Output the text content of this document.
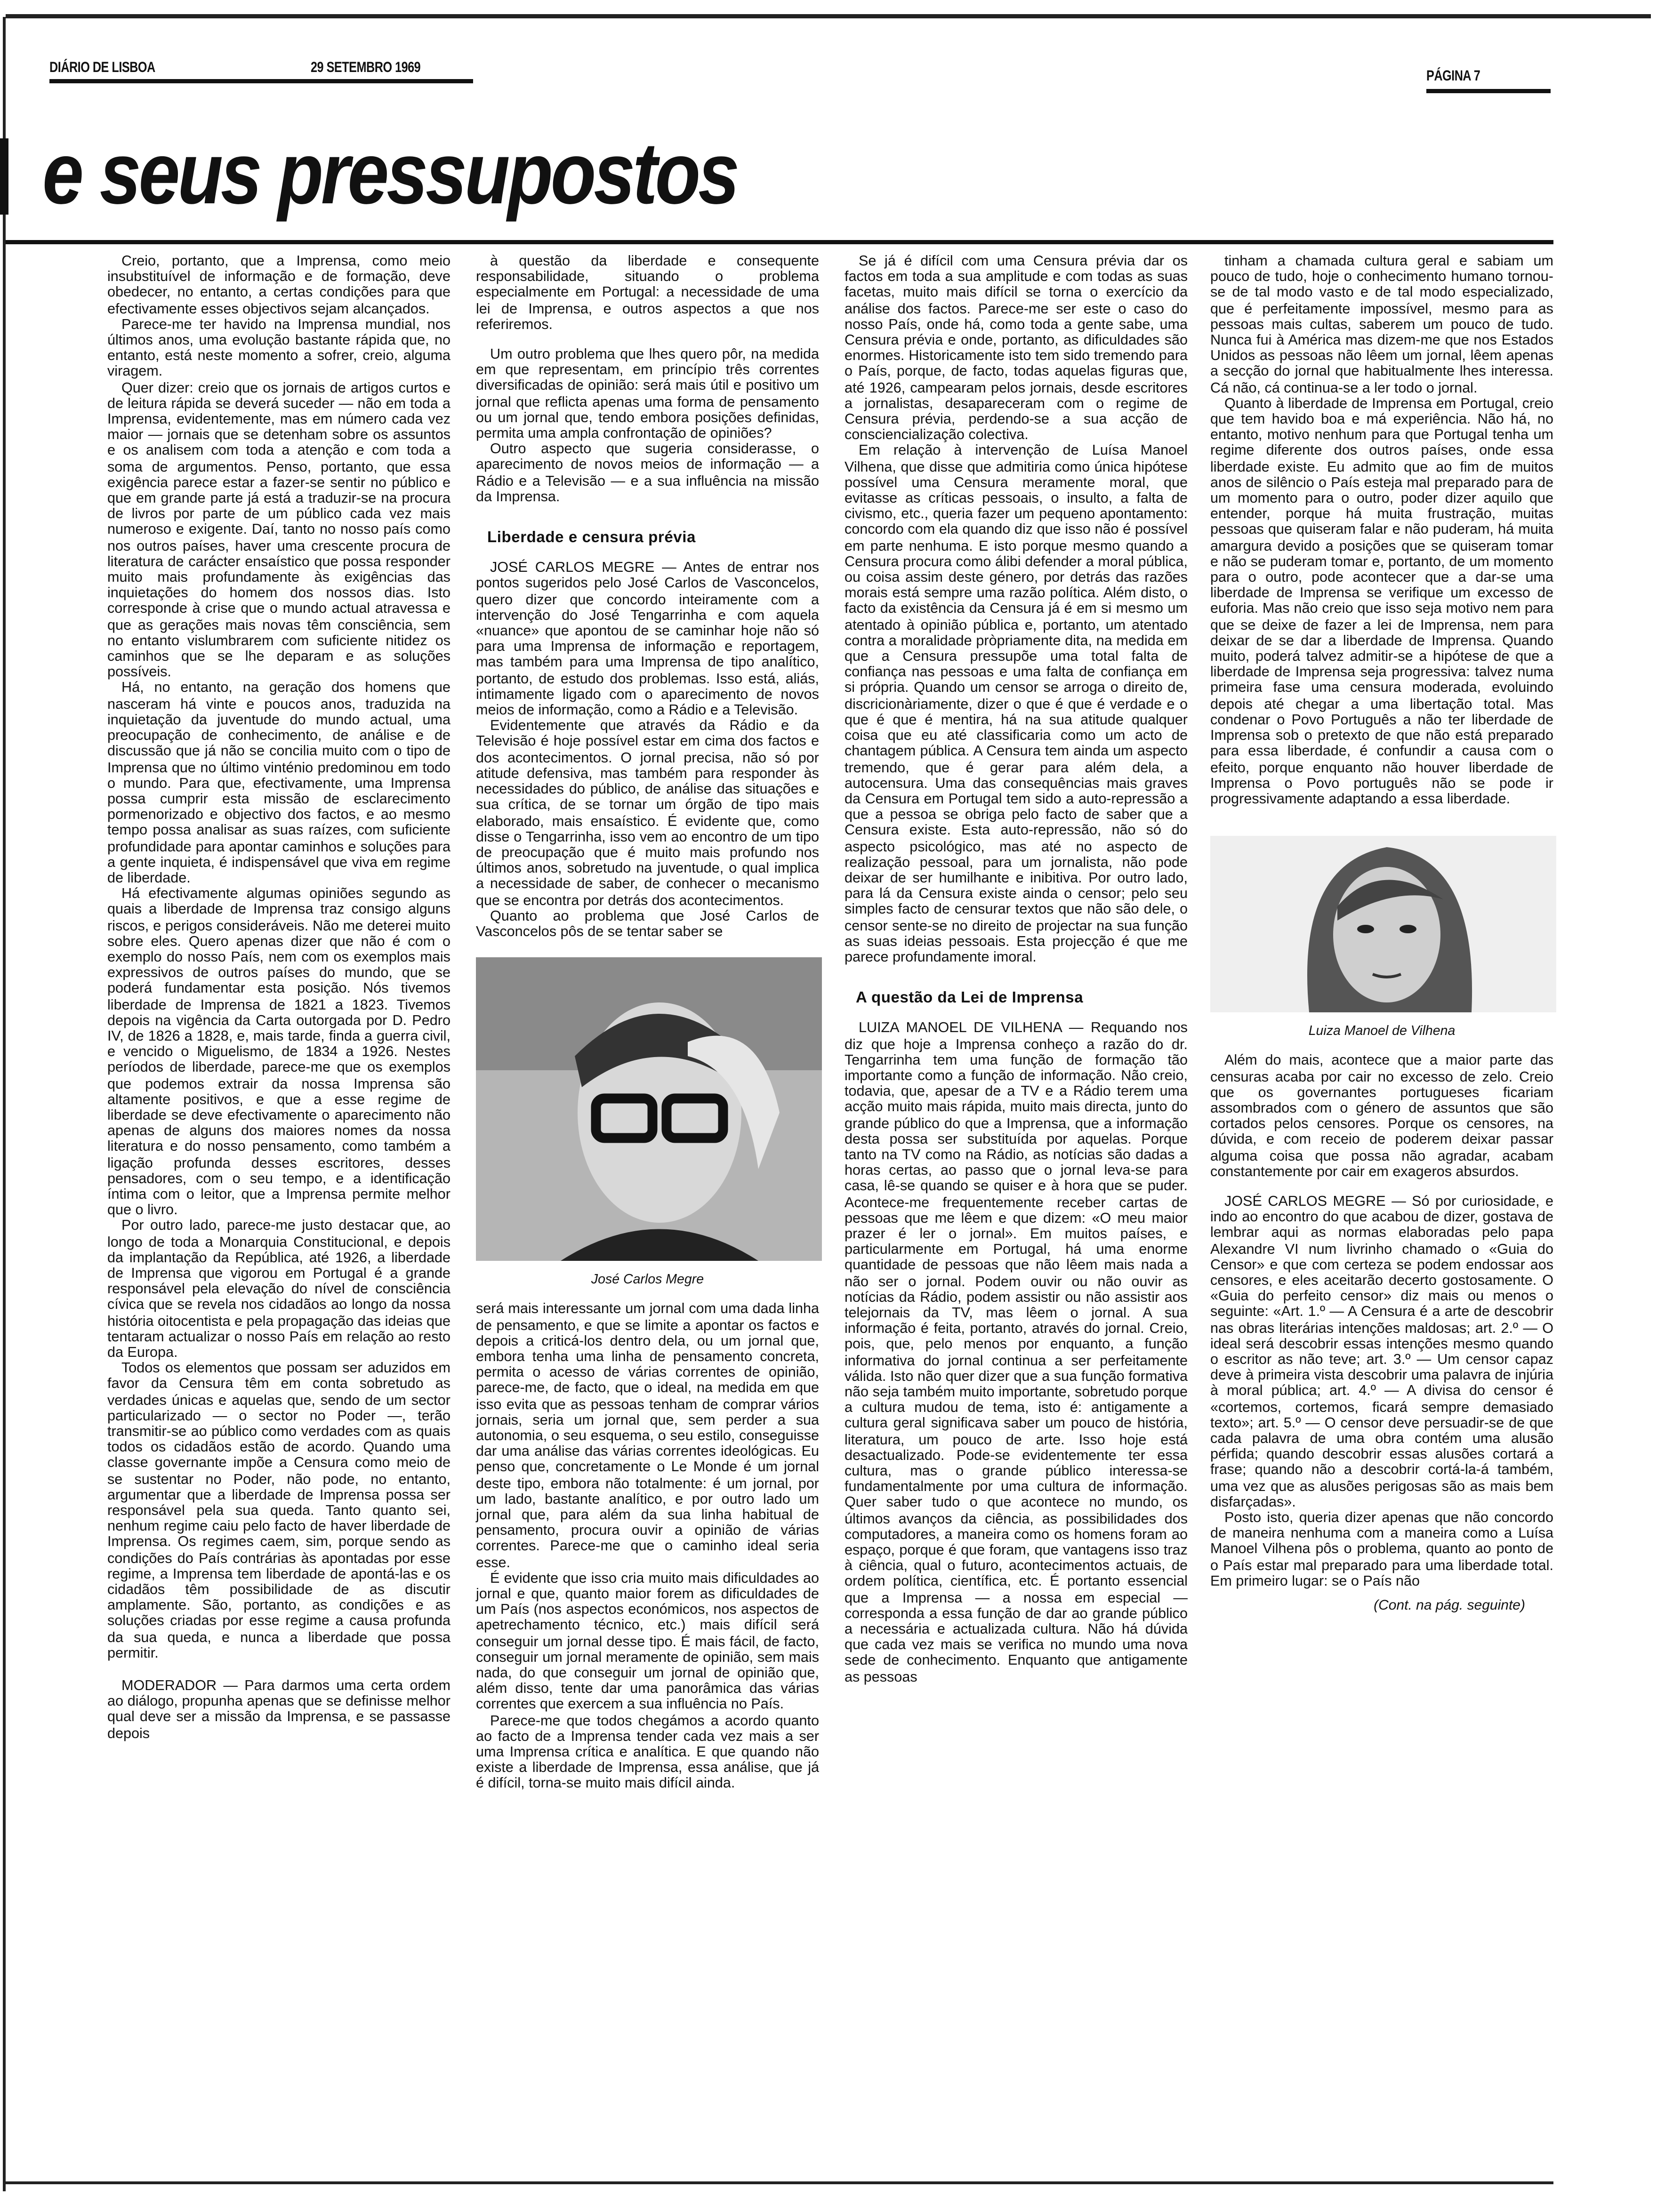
DIÁRIO DE LISBOA	29 SETEMBRO 1969	PÁGINA 7
e seus pressupostos

Creio, portanto, que a Imprensa, como meio insubstituível de informação e de formação, deve obedecer, no entanto, a certas condições para que efectivamente esses objectivos sejam alcançados.

Parece-me ter havido na Imprensa mundial, nos últimos anos, uma evolução bastante rápida que, no entanto, está neste momento a sofrer, creio, alguma viragem.

Quer dizer: creio que os jornais de artigos curtos e de leitura rápida se deverá suceder — não em toda a Imprensa, evidentemente, mas em número cada vez maior — jornais que se detenham sobre os assuntos e os analisem com toda a atenção e com toda a soma de argumentos. Penso, portanto, que essa exigência parece estar a fazer-se sentir no público e que em grande parte já está a traduzir-se na procura de livros por parte de um público cada vez mais numeroso e exigente. Daí, tanto no nosso país como nos outros países, haver uma crescente procura de literatura de carácter ensaístico que possa responder muito mais profundamente às exigências das inquietações do homem dos nossos dias. Isto corresponde à crise que o mundo actual atravessa e que as gerações mais novas têm consciência, sem no entanto vislumbrarem com suficiente nitidez os caminhos que se lhe deparam e as soluções possíveis.

Há, no entanto, na geração dos homens que nasceram há vinte e poucos anos, traduzida na inquietação da juventude do mundo actual, uma preocupação de conhecimento, de análise e de discussão que já não se concilia muito com o tipo de Imprensa que no último vinténio predominou em todo o mundo. Para que, efectivamente, uma Imprensa possa cumprir esta missão de esclarecimento pormenorizado e objectivo dos factos, e ao mesmo tempo possa analisar as suas raízes, com suficiente profundidade para apontar caminhos e soluções para a gente inquieta, é indispensável que viva em regime de liberdade.

Há efectivamente algumas opiniões segundo as quais a liberdade de Imprensa traz consigo alguns riscos, e perigos consideráveis. Não me deterei muito sobre eles. Quero apenas dizer que não é com o exemplo do nosso País, nem com os exemplos mais expressivos de outros países do mundo, que se poderá fundamentar esta posição. Nós tivemos liberdade de Imprensa de 1821 a 1823. Tivemos depois na vigência da Carta outorgada por D. Pedro IV, de 1826 a 1828, e, mais tarde, finda a guerra civil, e vencido o Miguelismo, de 1834 a 1926. Nestes períodos de liberdade, parece-me que os exemplos que podemos extrair da nossa Imprensa são altamente positivos, e que a esse regime de liberdade se deve efectivamente o aparecimento não apenas de alguns dos maiores nomes da nossa literatura e do nosso pensamento, como também a ligação profunda desses escritores, desses pensadores, com o seu tempo, e a identificação íntima com o leitor, que a Imprensa permite melhor que o livro.

Por outro lado, parece-me justo destacar que, ao longo de toda a Monarquia Constitucional, e depois da implantação da República, até 1926, a liberdade de Imprensa que vigorou em Portugal é a grande responsável pela elevação do nível de consciência cívica que se revela nos cidadãos ao longo da nossa história oitocentista e pela propagação das ideias que tentaram actualizar o nosso País em relação ao resto da Europa.

Todos os elementos que possam ser aduzidos em favor da Censura têm em conta sobretudo as verdades únicas e aquelas que, sendo de um sector particularizado — o sector no Poder —, terão transmitir-se ao público como verdades com as quais todos os cidadãos estão de acordo. Quando uma classe governante impõe a Censura como meio de se sustentar no Poder, não pode, no entanto, argumentar que a liberdade de Imprensa possa ser responsável pela sua queda. Tanto quanto sei, nenhum regime caiu pelo facto de haver liberdade de Imprensa. Os regimes caem, sim, porque sendo as condições do País contrárias às apontadas por esse regime, a Imprensa tem liberdade de apontá-las e os cidadãos têm possibilidade de as discutir amplamente. São, portanto, as condições e as soluções criadas por esse regime a causa profunda da sua queda, e nunca a liberdade que possa permitir.

MODERADOR — Para darmos uma certa ordem ao diálogo, propunha apenas que se definisse melhor qual deve ser a missão da Imprensa, e se passasse depois

à questão da liberdade e consequente responsabilidade, situando o problema especialmente em Portugal: a necessidade de uma lei de Imprensa, e outros aspectos a que nos referiremos.

Um outro problema que lhes quero pôr, na medida em que representam, em princípio três correntes diversificadas de opinião: será mais útil e positivo um jornal que reflicta apenas uma forma de pensamento ou um jornal que, tendo embora posições definidas, permita uma ampla confrontação de opiniões?

Outro aspecto que sugeria considerasse, o aparecimento de novos meios de informação — a Rádio e a Televisão — e a sua influência na missão da Imprensa.

Liberdade e censura prévia

JOSÉ CARLOS MEGRE — Antes de entrar nos pontos sugeridos pelo José Carlos de Vasconcelos, quero dizer que concordo inteiramente com a intervenção do José Tengarrinha e com aquela «nuance» que apontou de se caminhar hoje não só para uma Imprensa de informação e reportagem, mas também para uma Imprensa de tipo analítico, portanto, de estudo dos problemas. Isso está, aliás, intimamente ligado com o aparecimento de novos meios de informação, como a Rádio e a Televisão.

Evidentemente que através da Rádio e da Televisão é hoje possível estar em cima dos factos e dos acontecimentos. O jornal precisa, não só por atitude defensiva, mas também para responder às necessidades do público, de análise das situações e sua crítica, de se tornar um órgão de tipo mais elaborado, mais ensaístico. É evidente que, como disse o Tengarrinha, isso vem ao encontro de um tipo de preocupação que é muito mais profundo nos últimos anos, sobretudo na juventude, o qual implica a necessidade de saber, de conhecer o mecanismo que se encontra por detrás dos acontecimentos.

Quanto ao problema que José Carlos de Vasconcelos pôs de se tentar saber se

José Carlos Megre

será mais interessante um jornal com uma dada linha de pensamento, e que se limite a apontar os factos e depois a criticá-los dentro dela, ou um jornal que, embora tenha uma linha de pensamento concreta, permita o acesso de várias correntes de opinião, parece-me, de facto, que o ideal, na medida em que isso evita que as pessoas tenham de comprar vários jornais, seria um jornal que, sem perder a sua autonomia, o seu esquema, o seu estilo, conseguisse dar uma análise das várias correntes ideológicas. Eu penso que, concretamente o Le Monde é um jornal deste tipo, embora não totalmente: é um jornal, por um lado, bastante analítico, e por outro lado um jornal que, para além da sua linha habitual de pensamento, procura ouvir a opinião de várias correntes. Parece-me que o caminho ideal seria esse.

É evidente que isso cria muito mais dificuldades ao jornal e que, quanto maior forem as dificuldades de um País (nos aspectos económicos, nos aspectos de apetrechamento técnico, etc.) mais difícil será conseguir um jornal desse tipo. É mais fácil, de facto, conseguir um jornal meramente de opinião, sem mais nada, do que conseguir um jornal de opinião que, além disso, tente dar uma panorâmica das várias correntes que exercem a sua influência no País.

Parece-me que todos chegámos a acordo quanto ao facto de a Imprensa tender cada vez mais a ser uma Imprensa crítica e analítica. E que quando não existe a liberdade de Imprensa, essa análise, que já é difícil, torna-se muito mais difícil ainda.

Se já é difícil com uma Censura prévia dar os factos em toda a sua amplitude e com todas as suas facetas, muito mais difícil se torna o exercício da análise dos factos. Parece-me ser este o caso do nosso País, onde há, como toda a gente sabe, uma Censura prévia e onde, portanto, as dificuldades são enormes. Historicamente isto tem sido tremendo para o País, porque, de facto, todas aquelas figuras que, até 1926, campearam pelos jornais, desde escritores a jornalistas, desapareceram com o regime de Censura prévia, perdendo-se a sua acção de consciencialização colectiva.

Em relação à intervenção de Luísa Manoel Vilhena, que disse que admitiria como única hipótese possível uma Censura meramente moral, que evitasse as críticas pessoais, o insulto, a falta de civismo, etc., queria fazer um pequeno apontamento: concordo com ela quando diz que isso não é possível em parte nenhuma. E isto porque mesmo quando a Censura procura como álibi defender a moral pública, ou coisa assim deste género, por detrás das razões morais está sempre uma razão política. Além disto, o facto da existência da Censura já é em si mesmo um atentado à opinião pública e, portanto, um atentado contra a moralidade pròpriamente dita, na medida em que a Censura pressupõe uma total falta de confiança nas pessoas e uma falta de confiança em si própria. Quando um censor se arroga o direito de, discricionàriamente, dizer o que é que é verdade e o que é que é mentira, há na sua atitude qualquer coisa que eu até classificaria como um acto de chantagem pública. A Censura tem ainda um aspecto tremendo, que é gerar para além dela, a autocensura. Uma das consequências mais graves da Censura em Portugal tem sido a auto-repressão a que a pessoa se obriga pelo facto de saber que a Censura existe. Esta auto-repressão, não só do aspecto psicológico, mas até no aspecto de realização pessoal, para um jornalista, não pode deixar de ser humilhante e inibitiva. Por outro lado, para lá da Censura existe ainda o censor; pelo seu simples facto de censurar textos que não são dele, o censor sente-se no direito de projectar na sua função as suas ideias pessoais. Esta projecção é que me parece profundamente imoral.

A questão da Lei de Imprensa

LUIZA MANOEL DE VILHENA — Requando nos diz que hoje a Imprensa conheço a razão do dr. Tengarrinha tem uma função de formação tão importante como a função de informação. Não creio, todavia, que, apesar de a TV e a Rádio terem uma acção muito mais rápida, muito mais directa, junto do grande público do que a Imprensa, que a informação desta possa ser substituída por aquelas. Porque tanto na TV como na Rádio, as notícias são dadas a horas certas, ao passo que o jornal leva-se para casa, lê-se quando se quiser e à hora que se puder. Acontece-me frequentemente receber cartas de pessoas que me lêem e que dizem: «O meu maior prazer é ler o jornal». Em muitos países, e particularmente em Portugal, há uma enorme quantidade de pessoas que não lêem mais nada a não ser o jornal. Podem ouvir ou não ouvir as notícias da Rádio, podem assistir ou não assistir aos telejornais da TV, mas lêem o jornal. A sua informação é feita, portanto, através do jornal. Creio, pois, que, pelo menos por enquanto, a função informativa do jornal continua a ser perfeitamente válida. Isto não quer dizer que a sua função formativa não seja também muito importante, sobretudo porque a cultura mudou de tema, isto é: antigamente a cultura geral significava saber um pouco de história, literatura, um pouco de arte. Isso hoje está desactualizado. Pode-se evidentemente ter essa cultura, mas o grande público interessa-se fundamentalmente por uma cultura de informação. Quer saber tudo o que acontece no mundo, os últimos avanços da ciência, as possibilidades dos computadores, a maneira como os homens foram ao espaço, porque é que foram, que vantagens isso traz à ciência, qual o futuro, acontecimentos actuais, de ordem política, científica, etc. É portanto essencial que a Imprensa — a nossa em especial — corresponda a essa função de dar ao grande público a necessária e actualizada cultura. Não há dúvida que cada vez mais se verifica no mundo uma nova sede de conhecimento. Enquanto que antigamente as pessoas

tinham a chamada cultura geral e sabiam um pouco de tudo, hoje o conhecimento humano tornou-se de tal modo vasto e de tal modo especializado, que é perfeitamente impossível, mesmo para as pessoas mais cultas, saberem um pouco de tudo. Nunca fui à América mas dizem-me que nos Estados Unidos as pessoas não lêem um jornal, lêem apenas a secção do jornal que habitualmente lhes interessa. Cá não, cá continua-se a ler todo o jornal.

Quanto à liberdade de Imprensa em Portugal, creio que tem havido boa e má experiência. Não há, no entanto, motivo nenhum para que Portugal tenha um regime diferente dos outros países, onde essa liberdade existe. Eu admito que ao fim de muitos anos de silêncio o País esteja mal preparado para de um momento para o outro, poder dizer aquilo que entender, porque há muita frustração, muitas pessoas que quiseram falar e não puderam, há muita amargura devido a posições que se quiseram tomar e não se puderam tomar e, portanto, de um momento para o outro, pode acontecer que a dar-se uma liberdade de Imprensa se verifique um excesso de euforia. Mas não creio que isso seja motivo nem para que se deixe de fazer a lei de Imprensa, nem para deixar de se dar a liberdade de Imprensa. Quando muito, poderá talvez admitir-se a hipótese de que a liberdade de Imprensa seja progressiva: talvez numa primeira fase uma censura moderada, evoluindo depois até chegar a uma libertação total. Mas condenar o Povo Português a não ter liberdade de Imprensa sob o pretexto de que não está preparado para essa liberdade, é confundir a causa com o efeito, porque enquanto não houver liberdade de Imprensa o Povo português não se pode ir progressivamente adaptando a essa liberdade.

Luiza Manoel de Vilhena

Além do mais, acontece que a maior parte das censuras acaba por cair no excesso de zelo. Creio que os governantes portugueses ficariam assombrados com o género de assuntos que são cortados pelos censores. Porque os censores, na dúvida, e com receio de poderem deixar passar alguma coisa que possa não agradar, acabam constantemente por cair em exageros absurdos.

JOSÉ CARLOS MEGRE — Só por curiosidade, e indo ao encontro do que acabou de dizer, gostava de lembrar aqui as normas elaboradas pelo papa Alexandre VI num livrinho chamado o «Guia do Censor» e que com certeza se podem endossar aos censores, e eles aceitarão decerto gostosamente. O «Guia do perfeito censor» diz mais ou menos o seguinte: «Art. 1.º — A Censura é a arte de descobrir nas obras literárias intenções maldosas; art. 2.º — O ideal será descobrir essas intenções mesmo quando o escritor as não teve; art. 3.º — Um censor capaz deve à primeira vista descobrir uma palavra de injúria à moral pública; art. 4.º — A divisa do censor é «cortemos, cortemos, ficará sempre demasiado texto»; art. 5.º — O censor deve persuadir-se de que cada palavra de uma obra contém uma alusão pérfida; quando descobrir essas alusões cortará a frase; quando não a descobrir cortá-la-á também, uma vez que as alusões perigosas são as mais bem disfarçadas».

Posto isto, queria dizer apenas que não concordo de maneira nenhuma com a maneira como a Luísa Manoel Vilhena pôs o problema, quanto ao ponto de o País estar mal preparado para uma liberdade total. Em primeiro lugar: se o País não

(Cont. na pág. seguinte)
